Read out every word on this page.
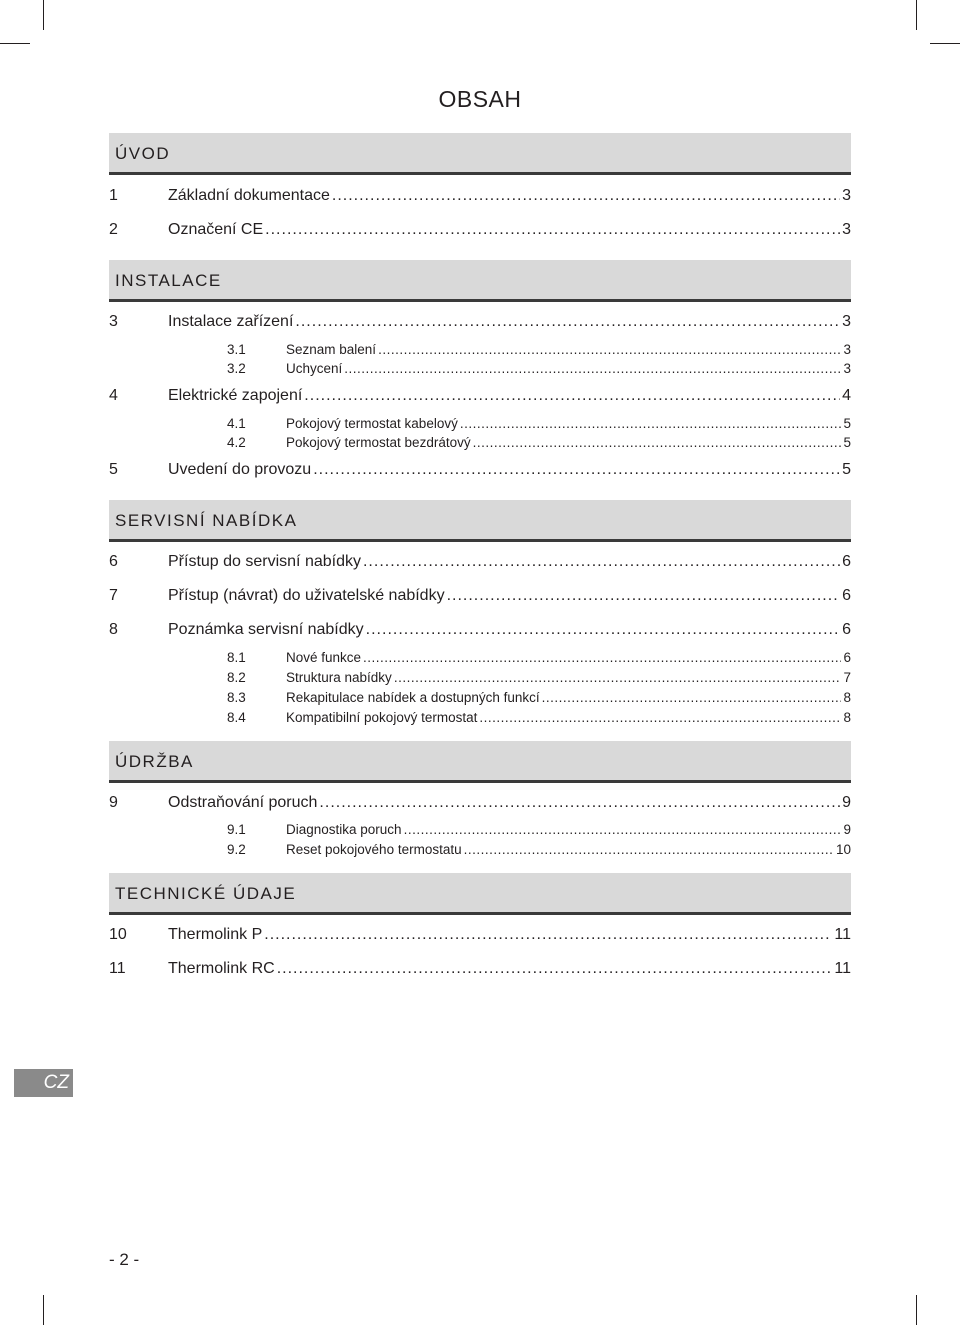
OBSAH
ÚVOD
1	Základní dokumentace .....	3
2	Označení CE .....	3
INSTALACE
3	Instalace zařízení .....	3
3.1	Seznam balení .....	3
3.2	Uchycení .....	3
4	Elektrické zapojení .....	4
4.1	Pokojový termostat kabelový .....	5
4.2	Pokojový termostat bezdrátový .....	5
5	Uvedení do provozu .....	5
SERVISNÍ NABÍDKA
6	Přístup do servisní nabídky .....	6
7	Přístup (návrat) do uživatelské nabídky .....	6
8	Poznámka servisní nabídky .....	6
8.1	Nové funkce .....	6
8.2	Struktura nabídky .....	7
8.3	Rekapitulace nabídek a dostupných funkcí .....	8
8.4	Kompatibilní pokojový termostat .....	8
ÚDRŽBA
9	Odstraňování poruch .....	9
9.1	Diagnostika poruch .....	9
9.2	Reset pokojového termostatu .....	10
TECHNICKÉ ÚDAJE
10	Thermolink P .....	11
11	Thermolink RC .....	11
CZ
- 2 -
